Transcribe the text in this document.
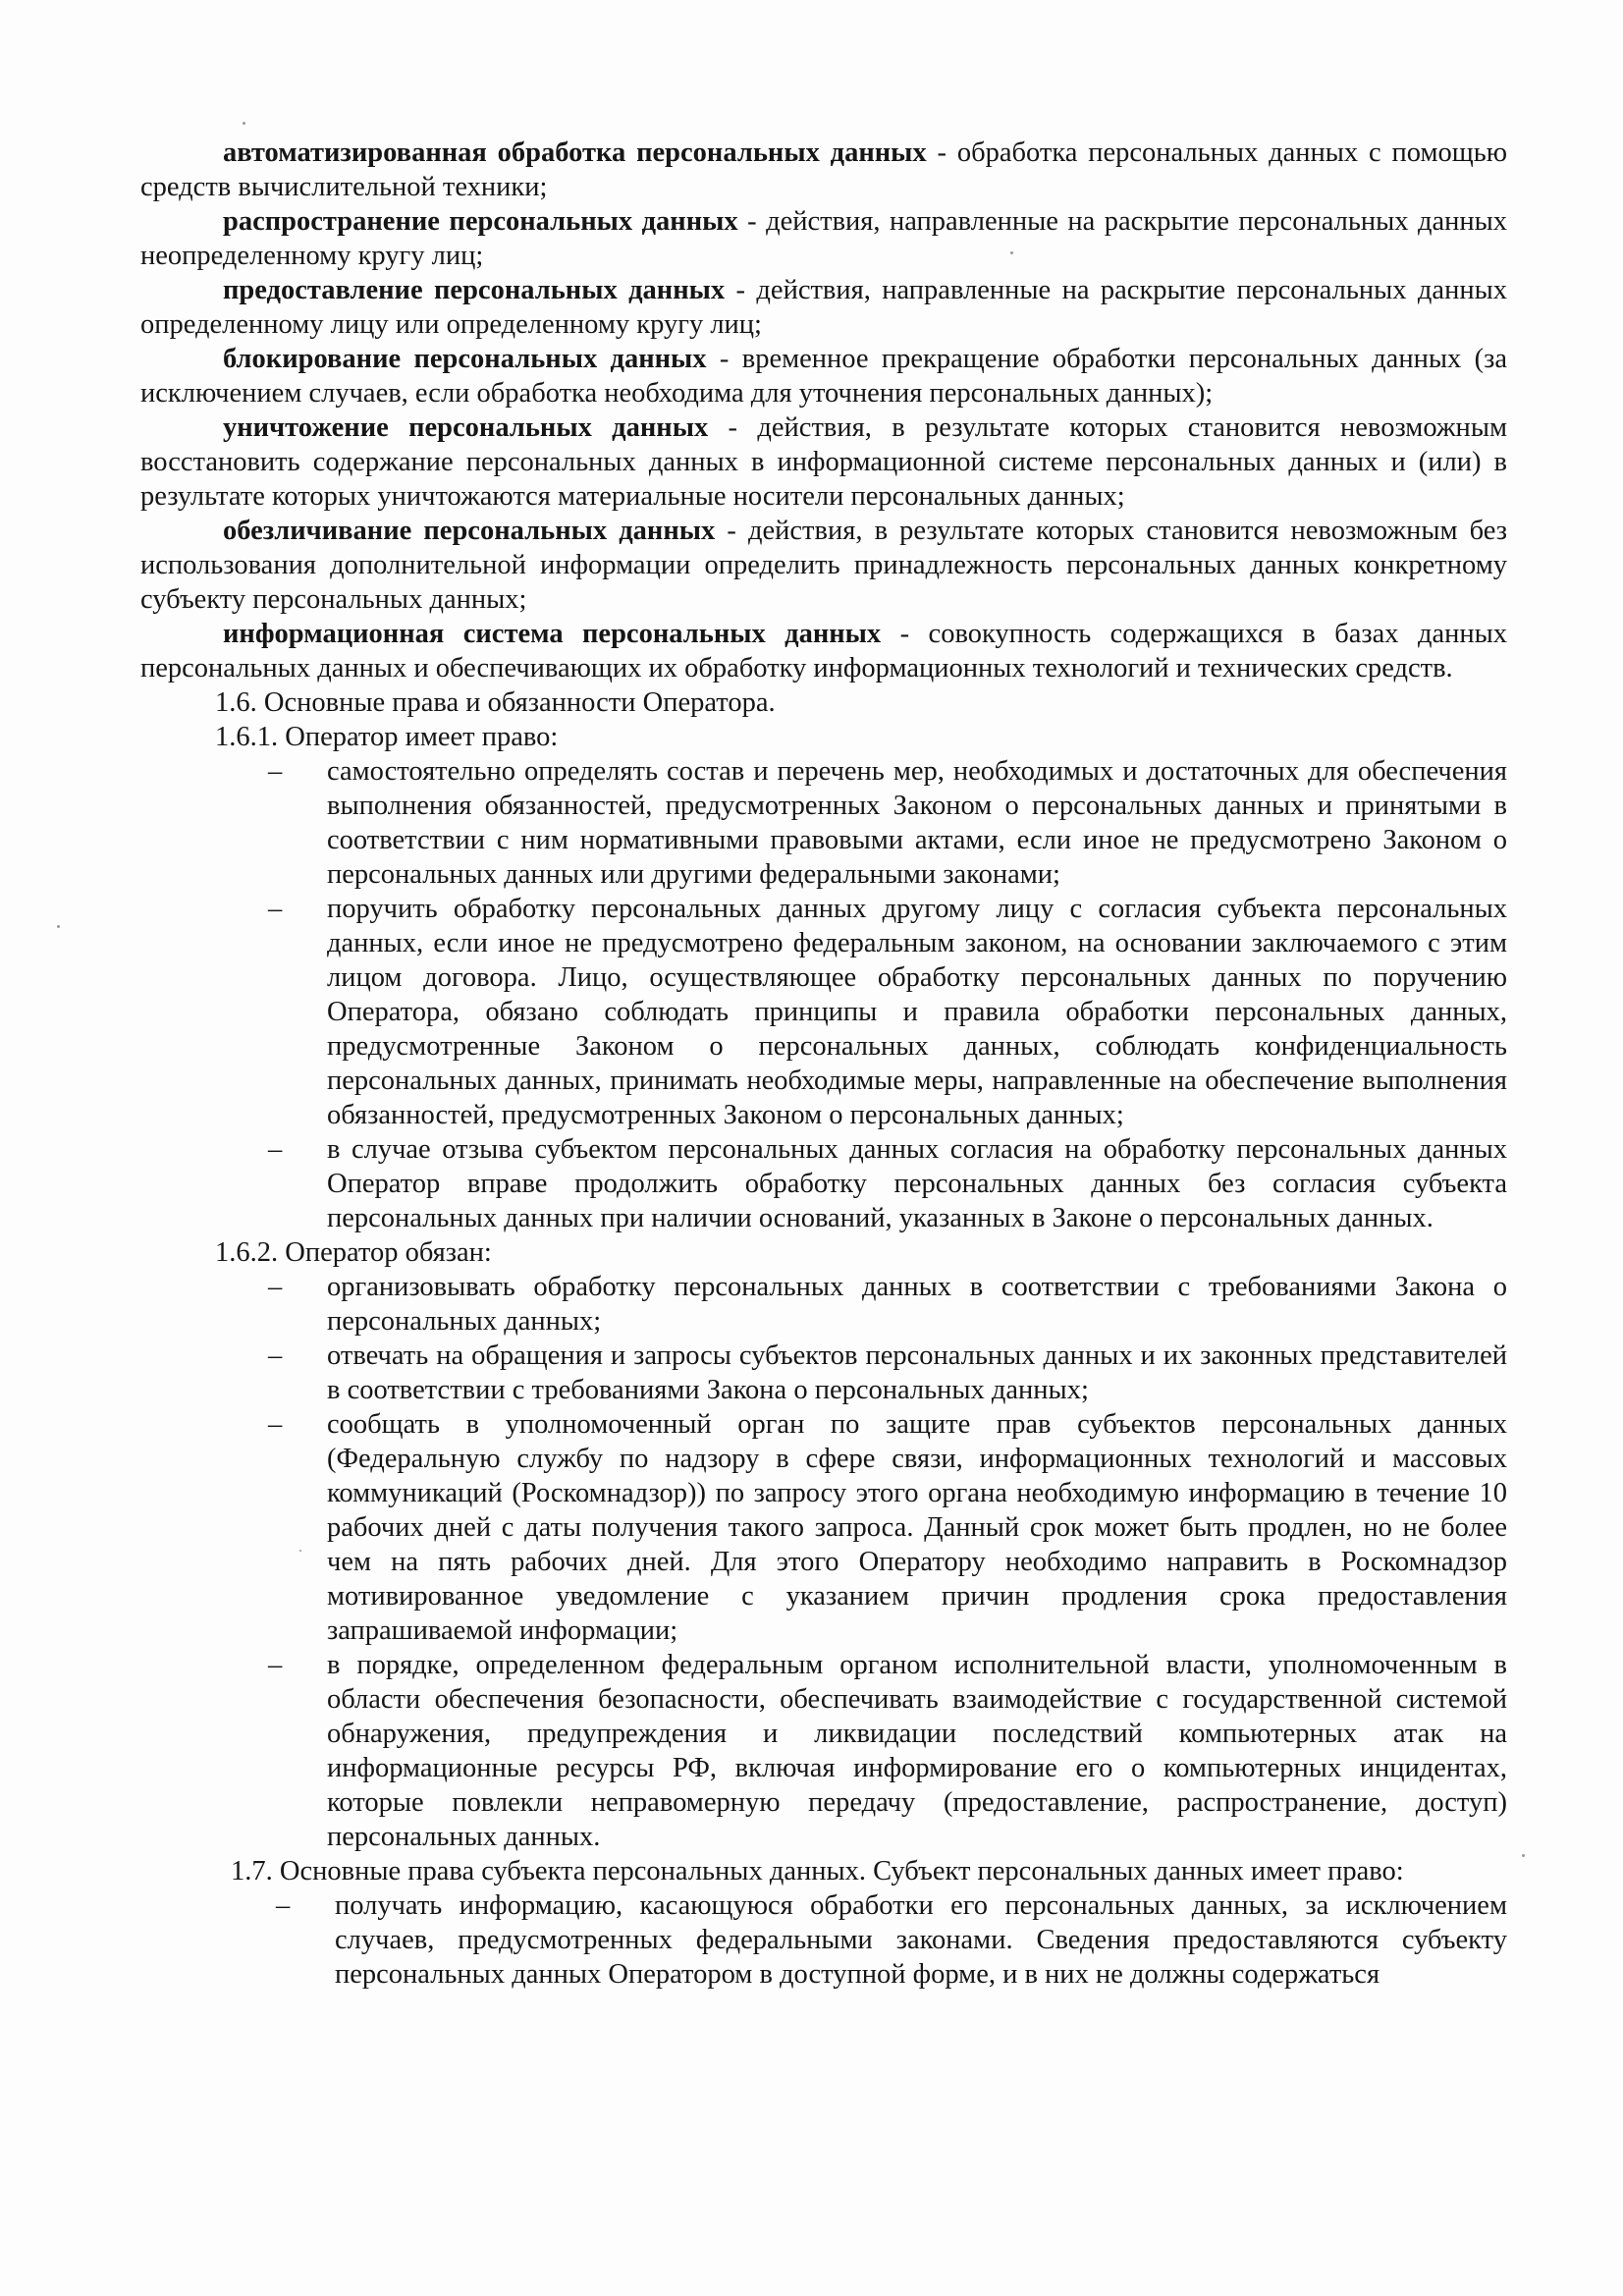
автоматизированная обработка персональных данных - обработка персональных данных с помощью средств вычислительной техники;

распространение персональных данных - действия, направленные на раскрытие персональных данных неопределенному кругу лиц;

предоставление персональных данных - действия, направленные на раскрытие персональных данных определенному лицу или определенному кругу лиц;

блокирование персональных данных - временное прекращение обработки персональных данных (за исключением случаев, если обработка необходима для уточнения персональных данных);

уничтожение персональных данных - действия, в результате которых становится невозможным восстановить содержание персональных данных в информационной системе персональных данных и (или) в результате которых уничтожаются материальные носители персональных данных;

обезличивание персональных данных - действия, в результате которых становится невозможным без использования дополнительной информации определить принадлежность персональных данных конкретному субъекту персональных данных;

информационная система персональных данных - совокупность содержащихся в базах данных персональных данных и обеспечивающих их обработку информационных технологий и технических средств.

1.6. Основные права и обязанности Оператора.

1.6.1. Оператор имеет право:

– самостоятельно определять состав и перечень мер, необходимых и достаточных для обеспечения выполнения обязанностей, предусмотренных Законом о персональных данных и принятыми в соответствии с ним нормативными правовыми актами, если иное не предусмотрено Законом о персональных данных или другими федеральными законами;
– поручить обработку персональных данных другому лицу с согласия субъекта персональных данных, если иное не предусмотрено федеральным законом, на основании заключаемого с этим лицом договора. Лицо, осуществляющее обработку персональных данных по поручению Оператора, обязано соблюдать принципы и правила обработки персональных данных, предусмотренные Законом о персональных данных, соблюдать конфиденциальность персональных данных, принимать необходимые меры, направленные на обеспечение выполнения обязанностей, предусмотренных Законом о персональных данных;
– в случае отзыва субъектом персональных данных согласия на обработку персональных данных Оператор вправе продолжить обработку персональных данных без согласия субъекта персональных данных при наличии оснований, указанных в Законе о персональных данных.

1.6.2. Оператор обязан:

– организовывать обработку персональных данных в соответствии с требованиями Закона о персональных данных;
– отвечать на обращения и запросы субъектов персональных данных и их законных представителей в соответствии с требованиями Закона о персональных данных;
– сообщать в уполномоченный орган по защите прав субъектов персональных данных (Федеральную службу по надзору в сфере связи, информационных технологий и массовых коммуникаций (Роскомнадзор)) по запросу этого органа необходимую информацию в течение 10 рабочих дней с даты получения такого запроса. Данный срок может быть продлен, но не более чем на пять рабочих дней. Для этого Оператору необходимо направить в Роскомнадзор мотивированное уведомление с указанием причин продления срока предоставления запрашиваемой информации;
– в порядке, определенном федеральным органом исполнительной власти, уполномоченным в области обеспечения безопасности, обеспечивать взаимодействие с государственной системой обнаружения, предупреждения и ликвидации последствий компьютерных атак на информационные ресурсы РФ, включая информирование его о компьютерных инцидентах, которые повлекли неправомерную передачу (предоставление, распространение, доступ) персональных данных.

1.7. Основные права субъекта персональных данных. Субъект персональных данных имеет право:

– получать информацию, касающуюся обработки его персональных данных, за исключением случаев, предусмотренных федеральными законами. Сведения предоставляются субъекту персональных данных Оператором в доступной форме, и в них не должны содержаться
